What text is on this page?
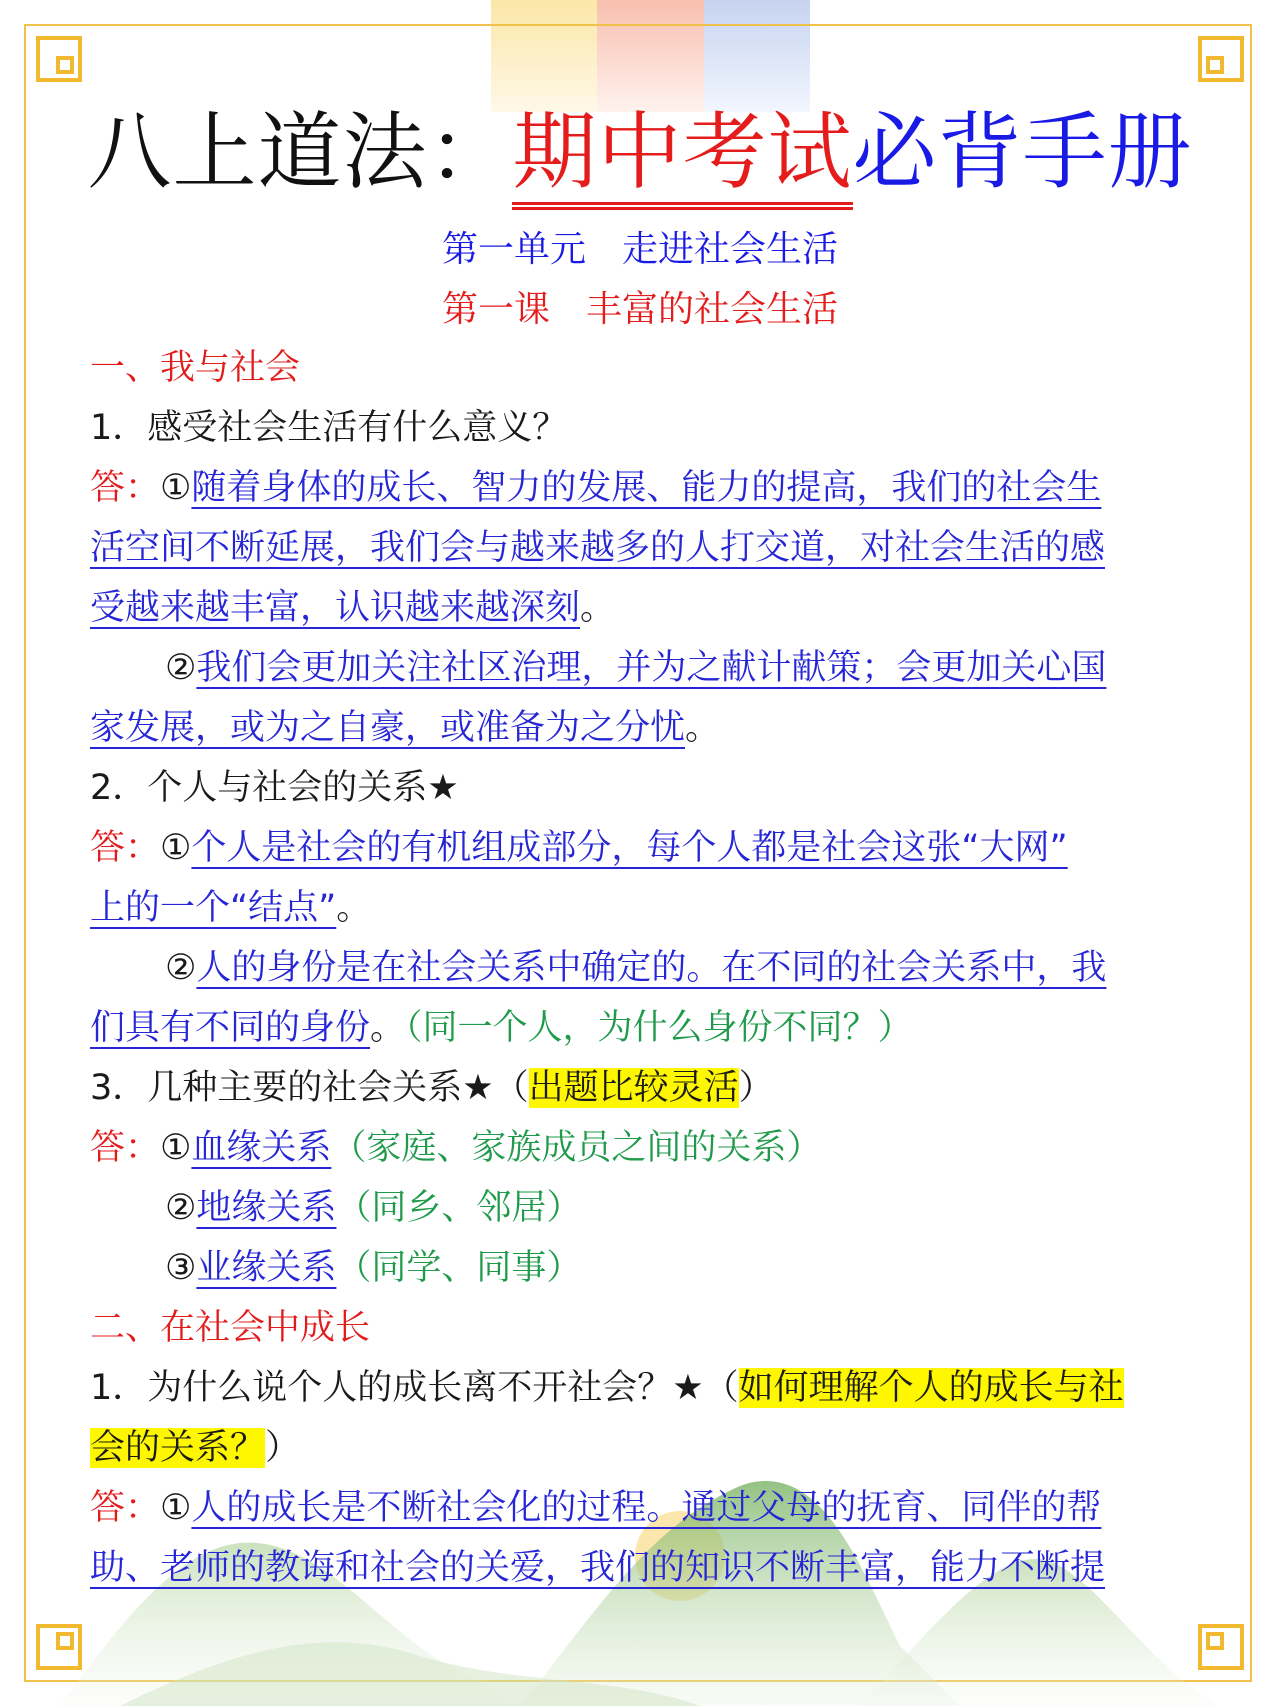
八上道法：期中考试必背手册
第一单元　走进社会生活
第一课　丰富的社会生活
一、我与社会
1．感受社会生活有什么意义？
答：①随着身体的成长、智力的发展、能力的提高，我们的社会生
活空间不断延展，我们会与越来越多的人打交道，对社会生活的感
受越来越丰富，认识越来越深刻。
②我们会更加关注社区治理，并为之献计献策；会更加关心国
家发展，或为之自豪，或准备为之分忧。
2．个人与社会的关系★
答：①个人是社会的有机组成部分，每个人都是社会这张“大网”
上的一个“结点”。
②人的身份是在社会关系中确定的。在不同的社会关系中，我
们具有不同的身份。（同一个人，为什么身份不同？）
3．几种主要的社会关系★（出题比较灵活）
答：①血缘关系（家庭、家族成员之间的关系）
②地缘关系（同乡、邻居）
③业缘关系（同学、同事）
二、在社会中成长
1．为什么说个人的成长离不开社会？★（如何理解个人的成长与社
会的关系？）
答：①人的成长是不断社会化的过程。通过父母的抚育、同伴的帮
助、老师的教诲和社会的关爱，我们的知识不断丰富，能力不断提
